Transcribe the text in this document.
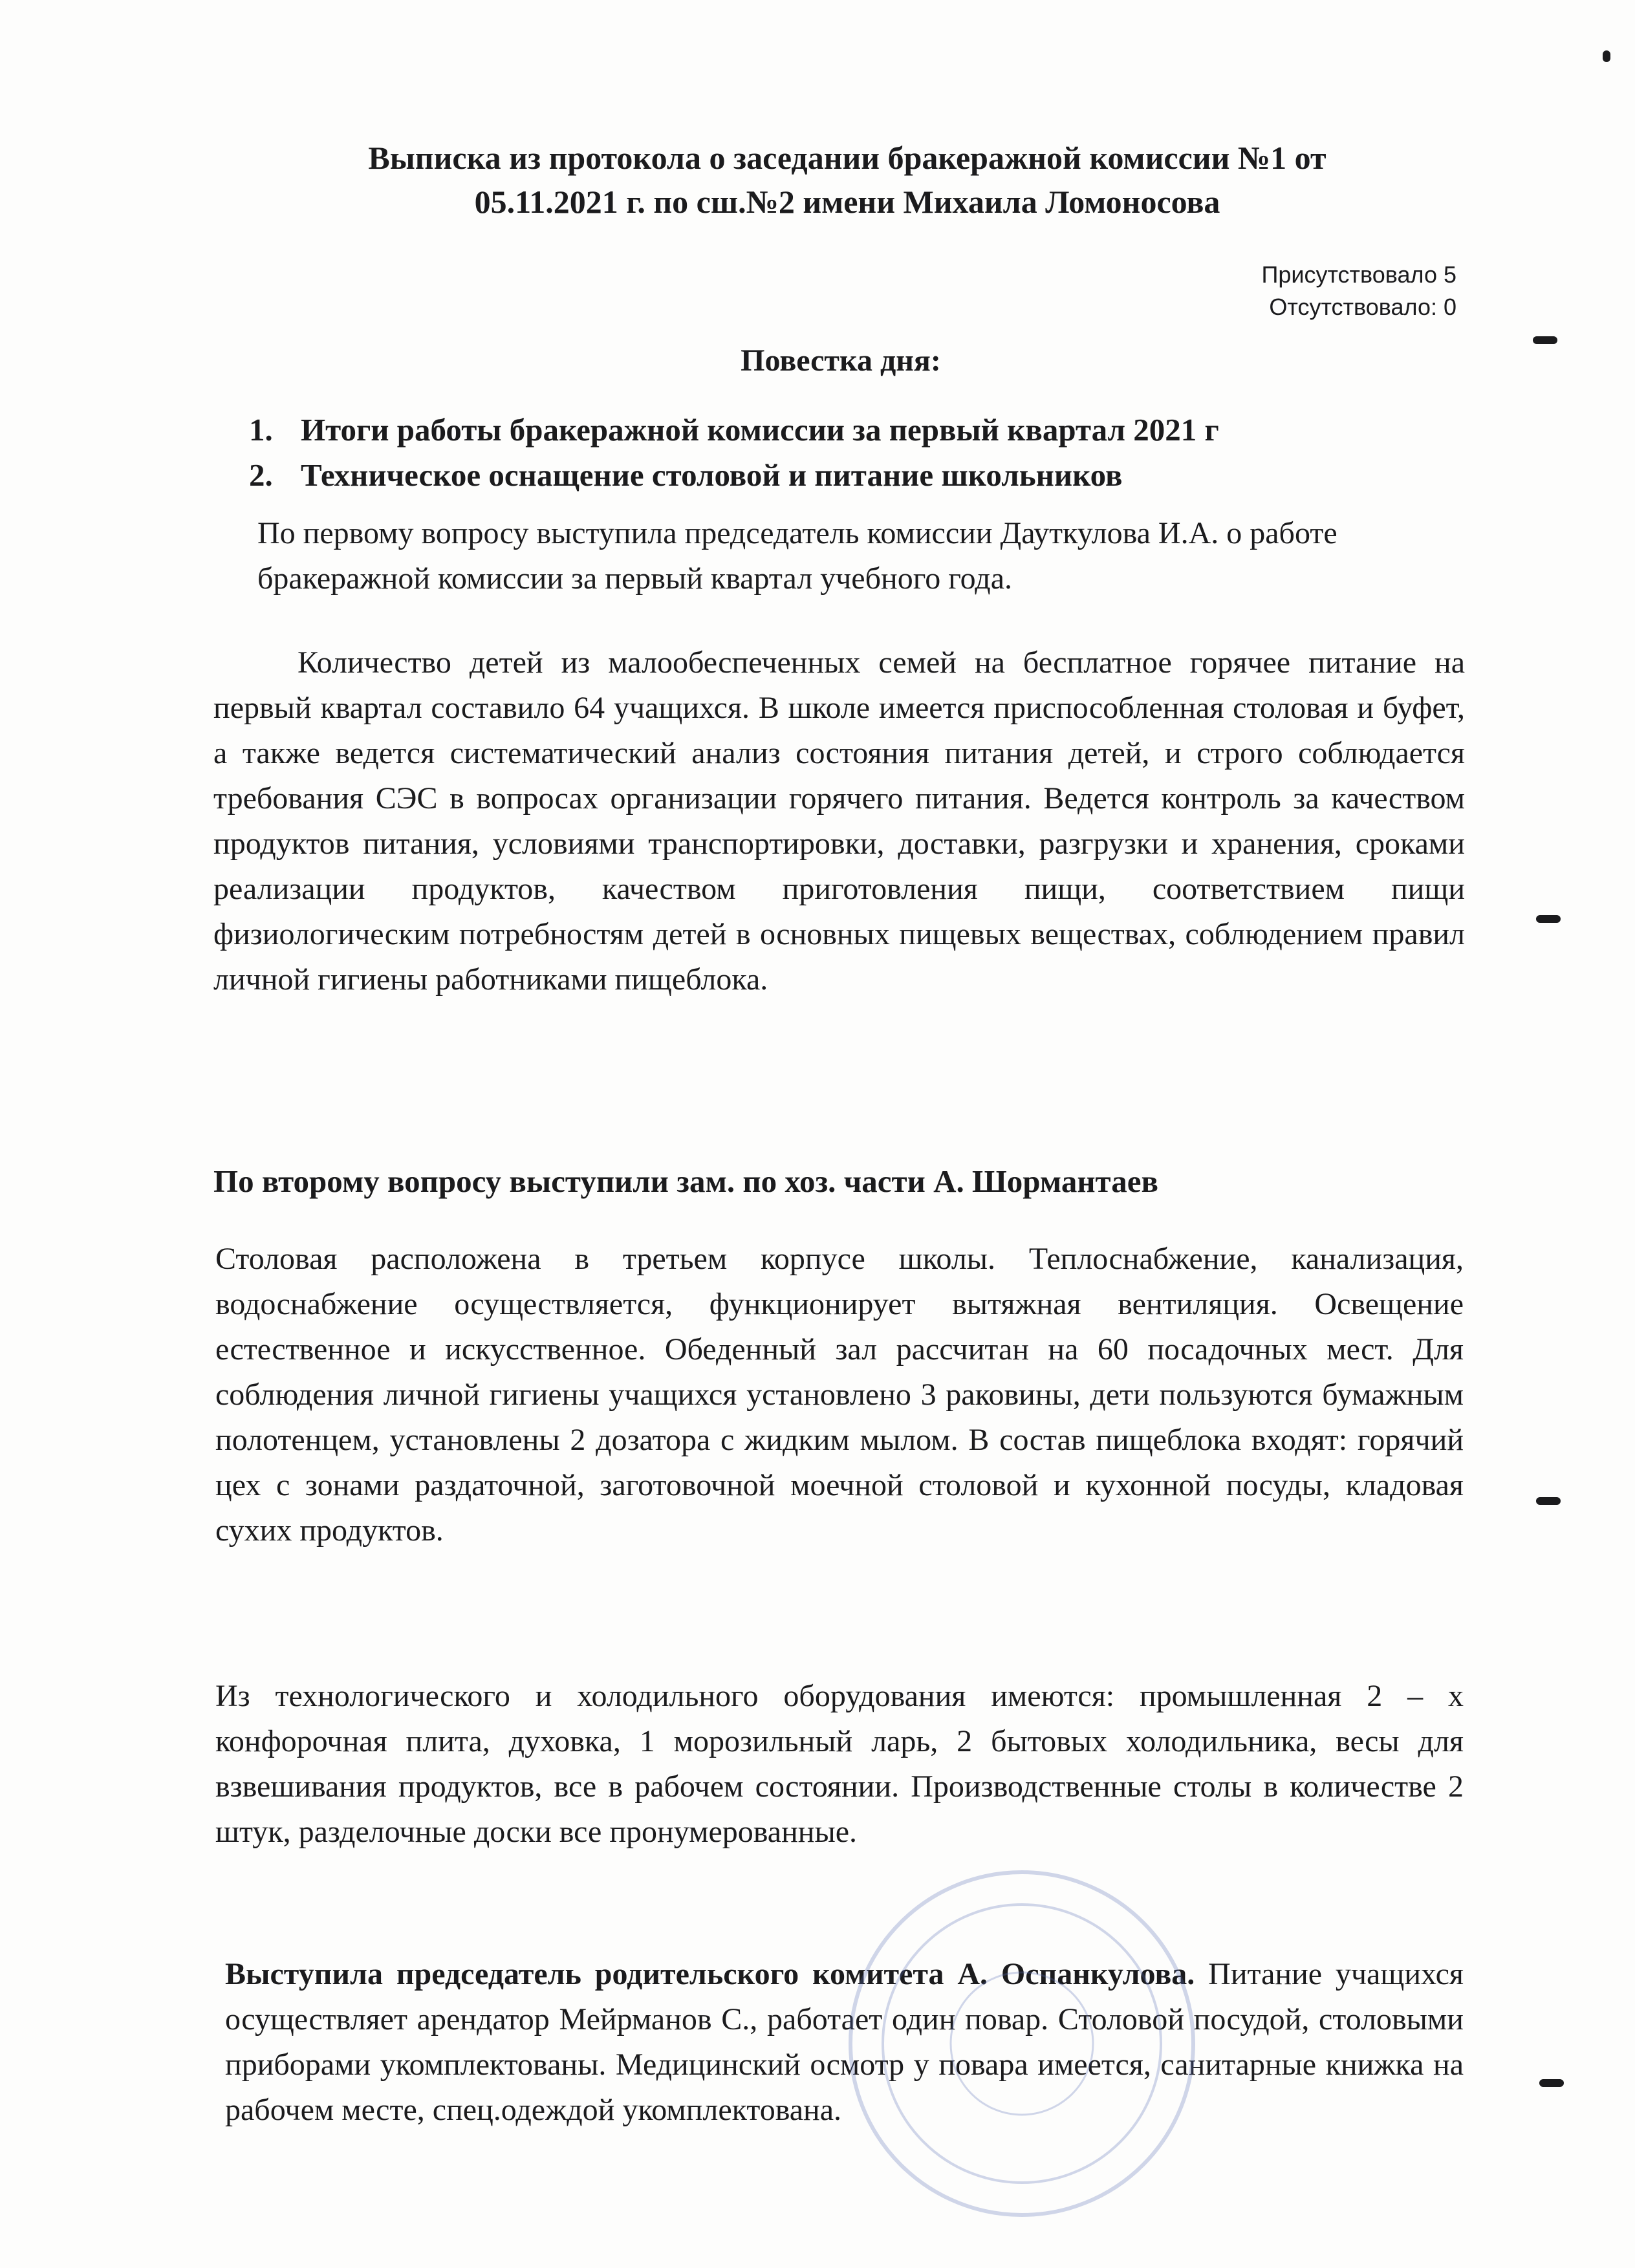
Выписка из протокола о заседании бракеражной комиссии №1 от
05.11.2021 г. по сш.№2 имени Михаила Ломоносова
Присутствовало 5
Отсутствовало: 0
Повестка дня:
1. Итоги работы бракеражной комиссии за первый квартал 2021 г
2. Техническое оснащение столовой и питание школьников
По первому вопросу выступила председатель комиссии Дауткулова И.А. о работе бракеражной комиссии за первый квартал учебного года.
Количество детей из малообеспеченных семей на бесплатное горячее питание на первый квартал составило 64 учащихся. В школе имеется приспособленная столовая и буфет, а также ведется систематический анализ состояния питания детей, и строго соблюдается требования СЭС в вопросах организации горячего питания. Ведется контроль за качеством продуктов питания, условиями транспортировки, доставки, разгрузки и хранения, сроками реализации продуктов, качеством приготовления пищи, соответствием пищи физиологическим потребностям детей в основных пищевых веществах, соблюдением правил личной гигиены работниками пищеблока.
По второму вопросу выступили зам. по хоз. части А. Шормантаев
Столовая расположена в третьем корпусе школы. Теплоснабжение, канализация, водоснабжение осуществляется, функционирует вытяжная вентиляция. Освещение естественное и искусственное. Обеденный зал рассчитан на 60 посадочных мест. Для соблюдения личной гигиены учащихся установлено 3 раковины, дети пользуются бумажным полотенцем, установлены 2 дозатора с жидким мылом. В состав пищеблока входят: горячий цех с зонами раздаточной, заготовочной моечной столовой и кухонной посуды, кладовая сухих продуктов.
Из технологического и холодильного оборудования имеются: промышленная 2 – х конфорочная плита, духовка, 1 морозильный ларь, 2 бытовых холодильника, весы для взвешивания продуктов, все в рабочем состоянии. Производственные столы в количестве 2 штук, разделочные доски все пронумерованные.
Выступила председатель родительского комитета А. Оспанкулова. Питание учащихся осуществляет арендатор Мейрманов С., работает один повар. Столовой посудой, столовыми приборами укомплектованы. Медицинский осмотр у повара имеется, санитарные книжка на рабочем месте, спец.одеждой укомплектована.
